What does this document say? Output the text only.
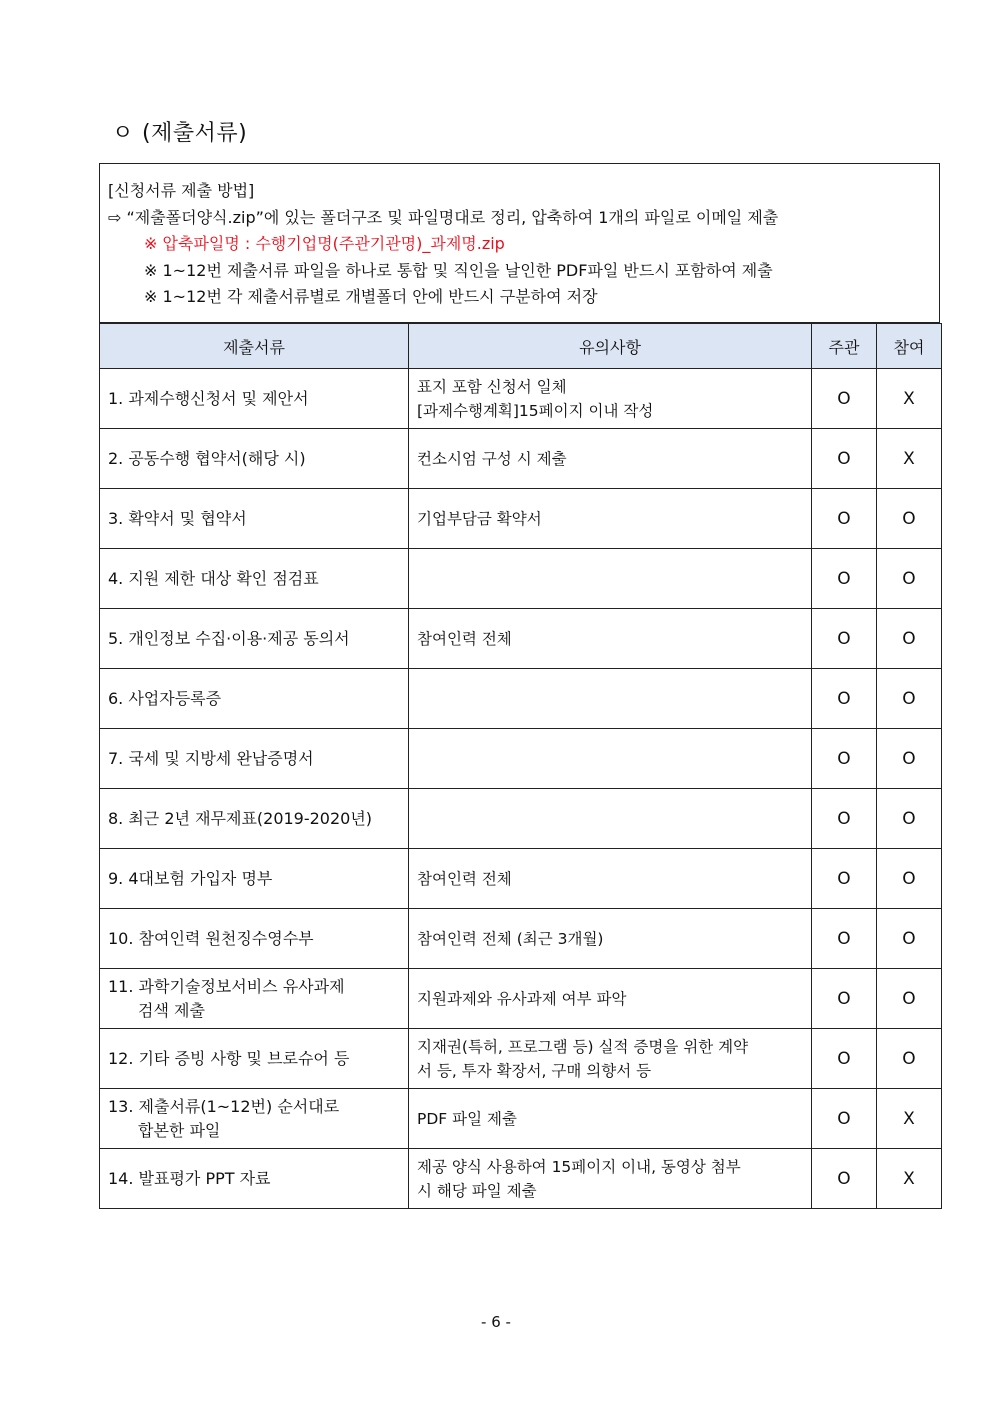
ㅇ (제출서류)
[신청서류 제출 방법]
⇨ “제출폴더양식.zip”에 있는 폴더구조 및 파일명대로 정리, 압축하여 1개의 파일로 이메일 제출
※ 압축파일명 : 수행기업명(주관기관명)_과제명.zip
※ 1~12번 제출서류 파일을 하나로 통합 및 직인을 날인한 PDF파일 반드시 포함하여 제출
※ 1~12번 각 제출서류별로 개별폴더 안에 반드시 구분하여 저장
제출서류	유의사항	주관	참여

1. 과제수행신청서 및 제안서	표지 포함 신청서 일체
[과제수행계획]15페이지 이내 작성	O	X

2. 공동수행 협약서(해당 시)	컨소시엄 구성 시 제출	O	X

3. 확약서 및 협약서	기업부담금 확약서	O	O

4. 지원 제한 대상 확인 점검표		O	O

5. 개인정보 수집·이용·제공 동의서	참여인력 전체	O	O

6. 사업자등록증		O	O

7. 국세 및 지방세 완납증명서		O	O

8. 최근 2년 재무제표(2019-2020년)		O	O

9. 4대보험 가입자 명부	참여인력 전체	O	O

10. 참여인력 원천징수영수부	참여인력 전체 (최근 3개월)	O	O

11. 과학기술정보서비스 유사과제
검색 제출	지원과제와 유사과제 여부 파악	O	O

12. 기타 증빙 사항 및 브로슈어 등	지재권(특허, 프로그램 등) 실적 증명을 위한 계약
서 등, 투자 확장서, 구매 의향서 등	O	O

13. 제출서류(1~12번) 순서대로
합본한 파일	PDF 파일 제출	O	X

14. 발표평가 PPT 자료	제공 양식 사용하여 15페이지 이내, 동영상 첨부
시 해당 파일 제출	O	X
- 6 -
